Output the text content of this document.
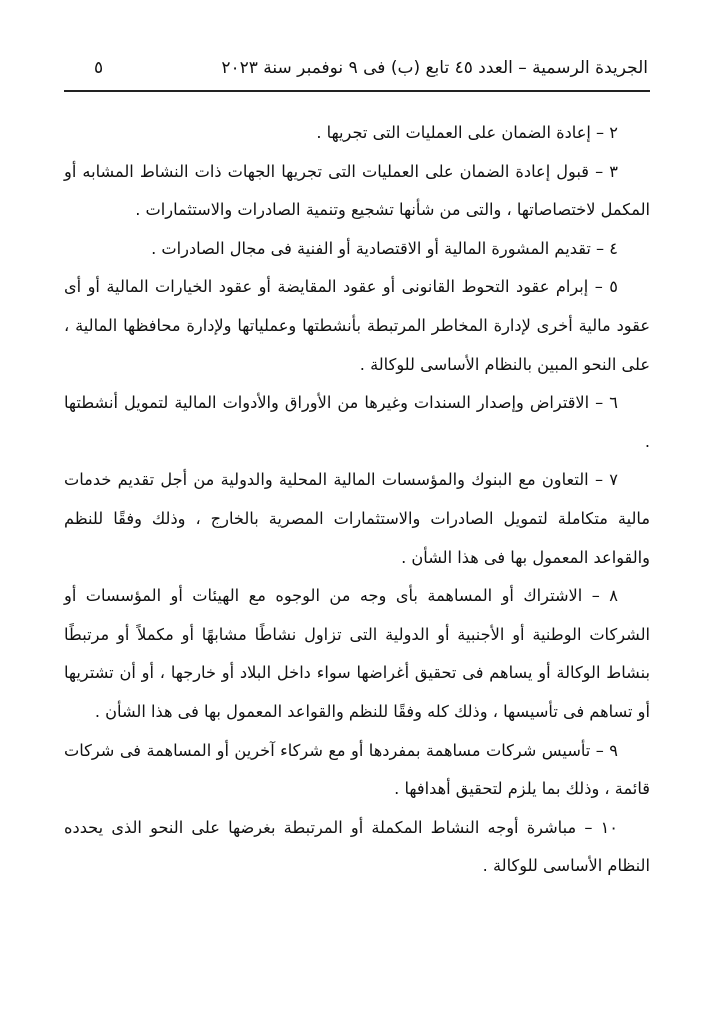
الجريدة الرسمية – العدد ٤٥ تابع (ب) فى ٩ نوفمبر سنة ٢٠٢٣
٥

٢ – إعادة الضمان على العمليات التى تجريها .

٣ – قبول إعادة الضمان على العمليات التى تجريها الجهات ذات النشاط المشابه أو المكمل لاختصاصاتها ، والتى من شأنها تشجيع وتنمية الصادرات والاستثمارات .

٤ – تقديم المشورة المالية أو الاقتصادية أو الفنية فى مجال الصادرات .

٥ – إبرام عقود التحوط القانونى أو عقود المقايضة أو عقود الخيارات المالية أو أى عقود مالية أخرى لإدارة المخاطر المرتبطة بأنشطتها وعملياتها ولإدارة محافظها المالية ، على النحو المبين بالنظام الأساسى للوكالة .

٦ – الاقتراض وإصدار السندات وغيرها من الأوراق والأدوات المالية لتمويل أنشطتها .

٧ – التعاون مع البنوك والمؤسسات المالية المحلية والدولية من أجل تقديم خدمات مالية متكاملة لتمويل الصادرات والاستثمارات المصرية بالخارج ، وذلك وفقًا للنظم والقواعد المعمول بها فى هذا الشأن .

٨ – الاشتراك أو المساهمة بأى وجه من الوجوه مع الهيئات أو المؤسسات أو الشركات الوطنية أو الأجنبية أو الدولية التى تزاول نشاطًا مشابهًا أو مكملاً أو مرتبطًا بنشاط الوكالة أو يساهم فى تحقيق أغراضها سواء داخل البلاد أو خارجها ، أو أن تشتريها أو تساهم فى تأسيسها ، وذلك كله وفقًا للنظم والقواعد المعمول بها فى هذا الشأن .

٩ – تأسيس شركات مساهمة بمفردها أو مع شركاء آخرين أو المساهمة فى شركات قائمة ، وذلك بما يلزم لتحقيق أهدافها .

١٠ – مباشرة أوجه النشاط المكملة أو المرتبطة بغرضها على النحو الذى يحدده النظام الأساسى للوكالة .
